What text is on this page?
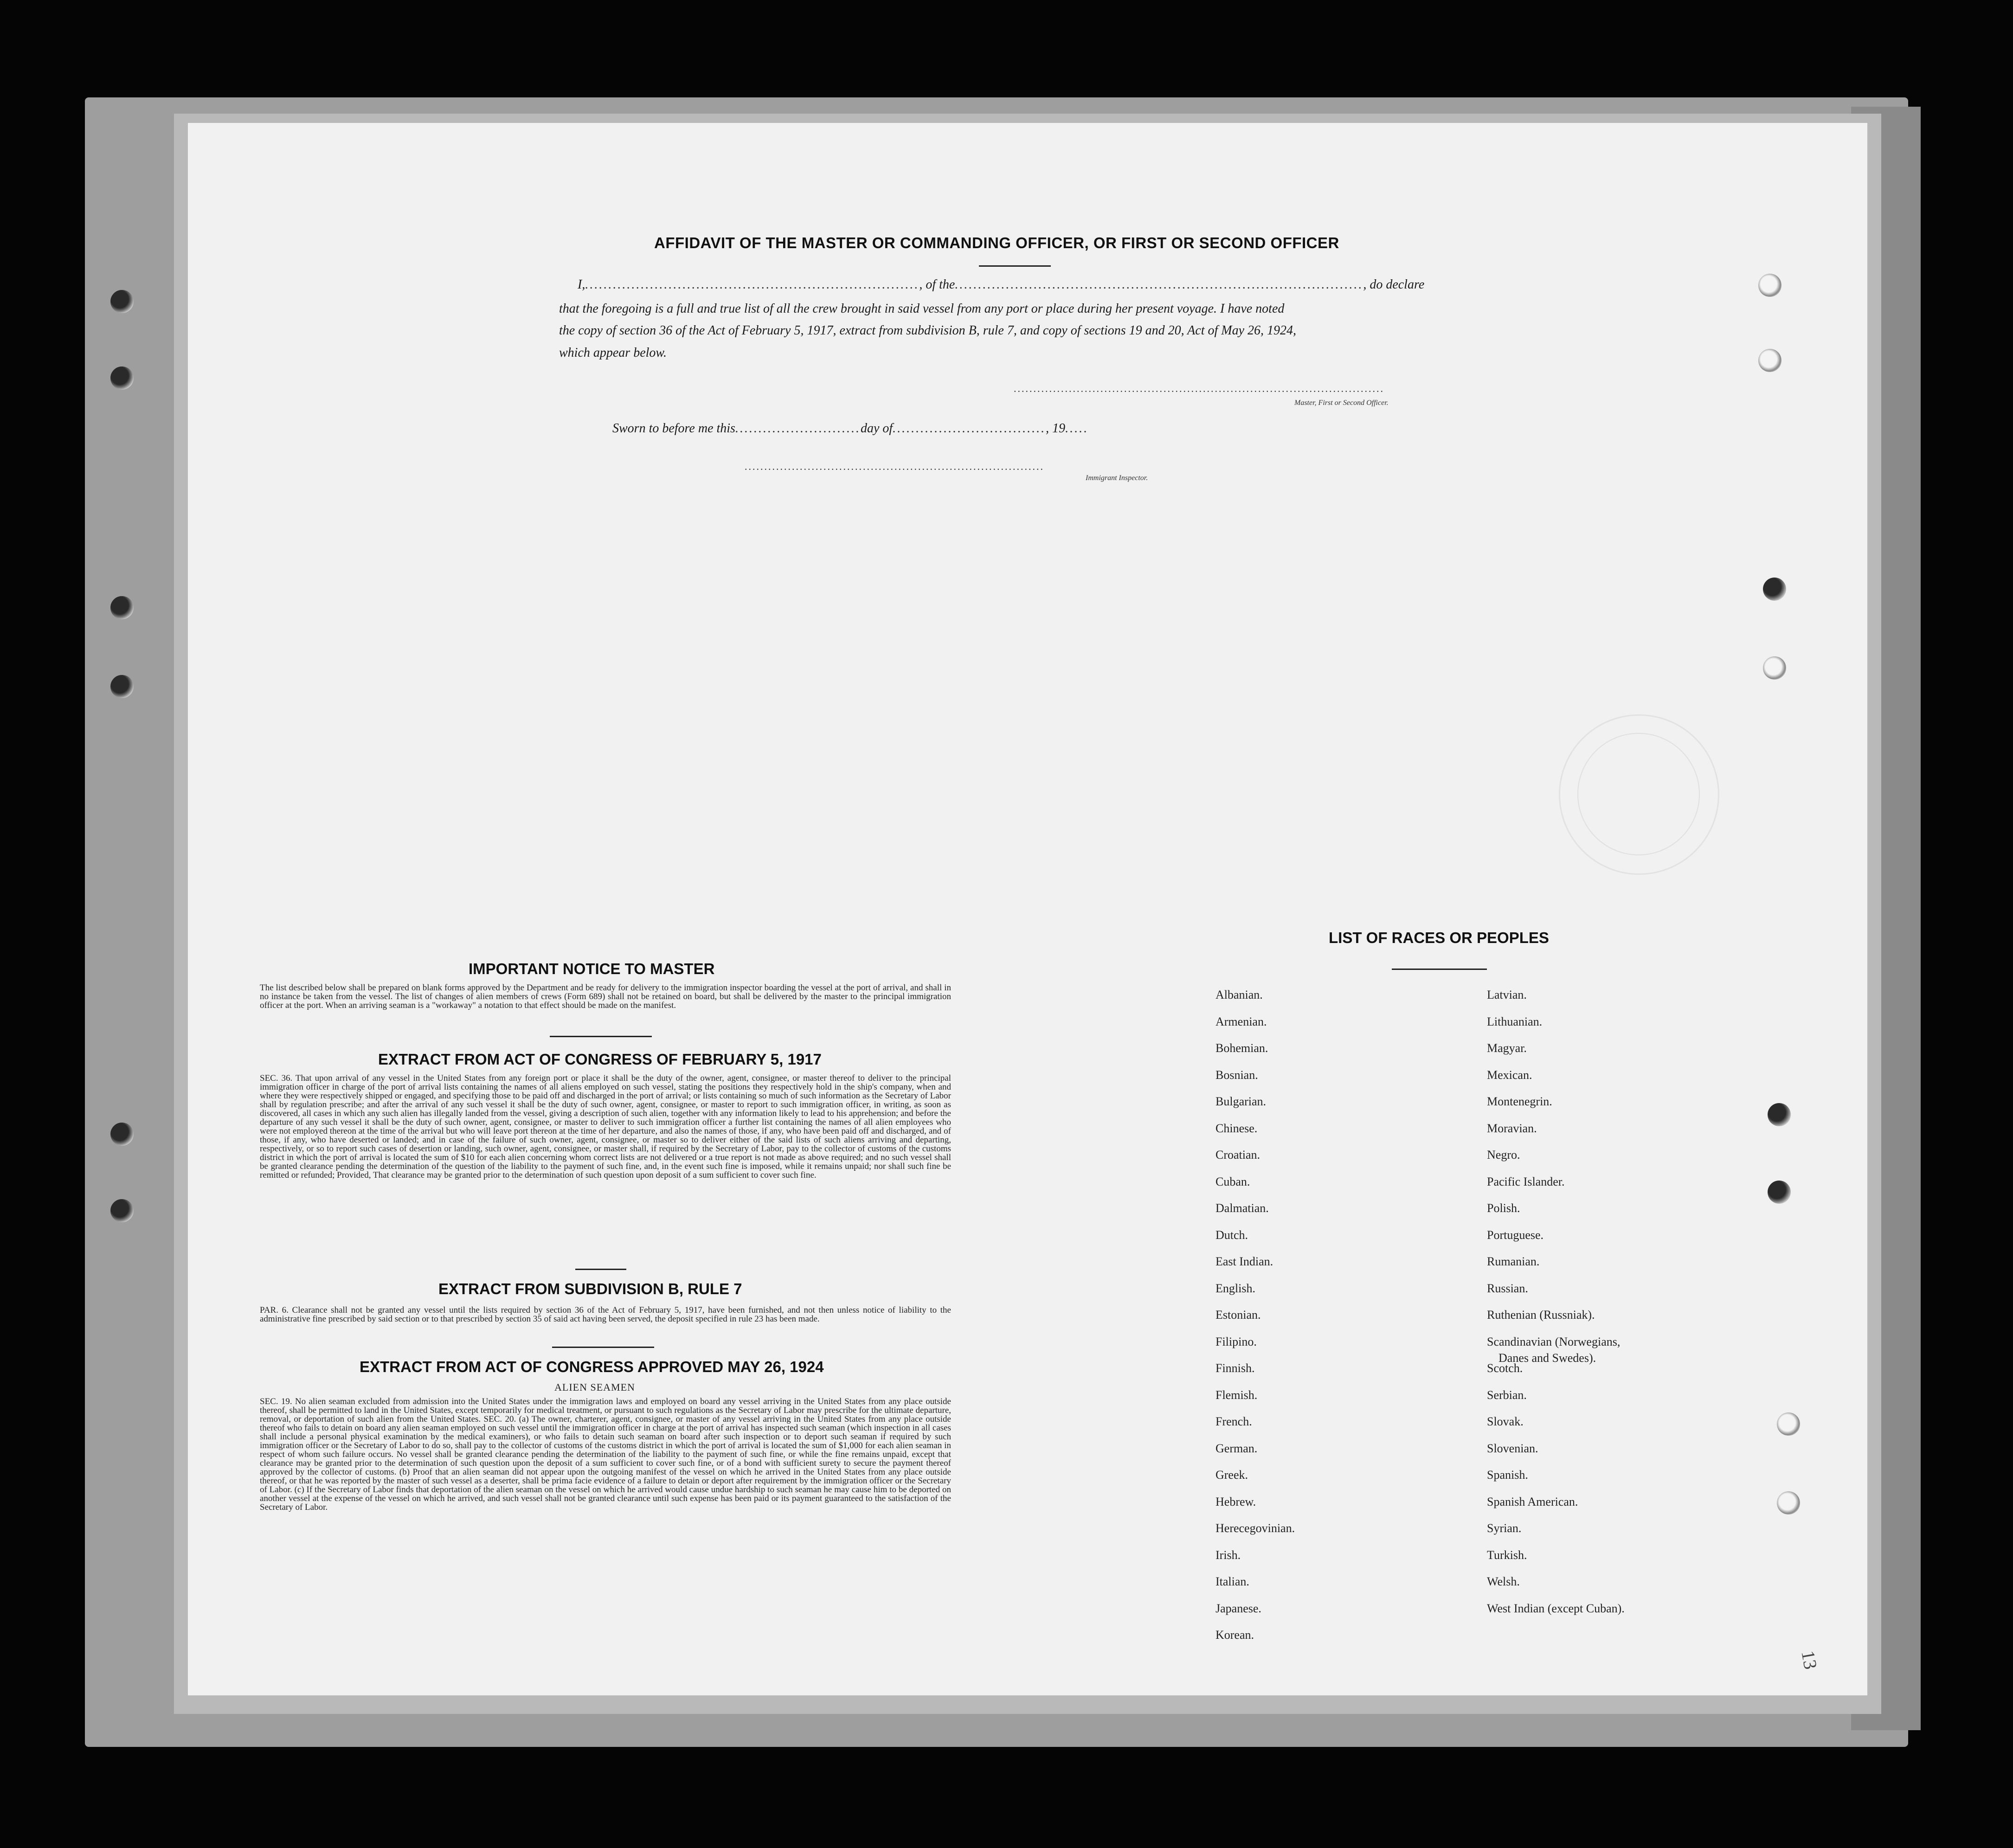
AFFIDAVIT OF THE MASTER OR COMMANDING OFFICER, OR FIRST OR SECOND OFFICER
I,........................................................................, of the........................................................................................, do declare
that the foregoing is a full and true list of all the crew brought in said vessel from any port or place during her present voyage. I have noted
the copy of section 36 of the Act of February 5, 1917, extract from subdivision B, rule 7, and copy of sections 19 and 20, Act of May 26, 1924,
which appear below.
..............................................................................................
Master, First or Second Officer.
Sworn to before me this...........................day of................................., 19.....
............................................................................
Immigrant Inspector.
IMPORTANT NOTICE TO MASTER

The list described below shall be prepared on blank forms approved by the Department and be ready for delivery to the immigration inspector boarding the vessel at the port of arrival, and shall in no instance be taken from the vessel. The list of changes of alien members of crews (Form 689) shall not be retained on board, but shall be delivered by the master to the principal immigration officer at the port. When an arriving seaman is a "workaway" a notation to that effect should be made on the manifest.

EXTRACT FROM ACT OF CONGRESS OF FEBRUARY 5, 1917

SEC. 36. That upon arrival of any vessel in the United States from any foreign port or place it shall be the duty of the owner, agent, consignee, or master thereof to deliver to the principal immigration officer in charge of the port of arrival lists containing the names of all aliens employed on such vessel, stating the positions they respectively hold in the ship's company, when and where they were respectively shipped or engaged, and specifying those to be paid off and discharged in the port of arrival; or lists containing so much of such information as the Secretary of Labor shall by regulation prescribe; and after the arrival of any such vessel it shall be the duty of such owner, agent, consignee, or master to report to such immigration officer, in writing, as soon as discovered, all cases in which any such alien has illegally landed from the vessel, giving a description of such alien, together with any information likely to lead to his apprehension; and before the departure of any such vessel it shall be the duty of such owner, agent, consignee, or master to deliver to such immigration officer a further list containing the names of all alien employees who were not employed thereon at the time of the arrival but who will leave port thereon at the time of her departure, and also the names of those, if any, who have been paid off and discharged, and of those, if any, who have deserted or landed; and in case of the failure of such owner, agent, consignee, or master so to deliver either of the said lists of such aliens arriving and departing, respectively, or so to report such cases of desertion or landing, such owner, agent, consignee, or master shall, if required by the Secretary of Labor, pay to the collector of customs of the customs district in which the port of arrival is located the sum of $10 for each alien concerning whom correct lists are not delivered or a true report is not made as above required; and no such vessel shall be granted clearance pending the determination of the question of the liability to the payment of such fine, and, in the event such fine is imposed, while it remains unpaid; nor shall such fine be remitted or refunded; Provided, That clearance may be granted prior to the determination of such question upon deposit of a sum sufficient to cover such fine.

EXTRACT FROM SUBDIVISION B, RULE 7

PAR. 6. Clearance shall not be granted any vessel until the lists required by section 36 of the Act of February 5, 1917, have been furnished, and not then unless notice of liability to the administrative fine prescribed by said section or to that prescribed by section 35 of said act having been served, the deposit specified in rule 23 has been made.

EXTRACT FROM ACT OF CONGRESS APPROVED MAY 26, 1924
ALIEN SEAMEN

SEC. 19. No alien seaman excluded from admission into the United States under the immigration laws and employed on board any vessel arriving in the United States from any place outside thereof, shall be permitted to land in the United States, except temporarily for medical treatment, or pursuant to such regulations as the Secretary of Labor may prescribe for the ultimate departure, removal, or deportation of such alien from the United States. SEC. 20. (a) The owner, charterer, agent, consignee, or master of any vessel arriving in the United States from any place outside thereof who fails to detain on board any alien seaman employed on such vessel until the immigration officer in charge at the port of arrival has inspected such seaman (which inspection in all cases shall include a personal physical examination by the medical examiners), or who fails to detain such seaman on board after such inspection or to deport such seaman if required by such immigration officer or the Secretary of Labor to do so, shall pay to the collector of customs of the customs district in which the port of arrival is located the sum of $1,000 for each alien seaman in respect of whom such failure occurs. No vessel shall be granted clearance pending the determination of the liability to the payment of such fine, or while the fine remains unpaid, except that clearance may be granted prior to the determination of such question upon the deposit of a sum sufficient to cover such fine, or of a bond with sufficient surety to secure the payment thereof approved by the collector of customs. (b) Proof that an alien seaman did not appear upon the outgoing manifest of the vessel on which he arrived in the United States from any place outside thereof, or that he was reported by the master of such vessel as a deserter, shall be prima facie evidence of a failure to detain or deport after requirement by the immigration officer or the Secretary of Labor. (c) If the Secretary of Labor finds that deportation of the alien seaman on the vessel on which he arrived would cause undue hardship to such seaman he may cause him to be deported on another vessel at the expense of the vessel on which he arrived, and such vessel shall not be granted clearance until such expense has been paid or its payment guaranteed to the satisfaction of the Secretary of Labor.

LIST OF RACES OR PEOPLES
Albanian.
Armenian.
Bohemian.
Bosnian.
Bulgarian.
Chinese.
Croatian.
Cuban.
Dalmatian.
Dutch.
East Indian.
English.
Estonian.
Filipino.
Finnish.
Flemish.
French.
German.
Greek.
Hebrew.
Herecegovinian.
Irish.
Italian.
Japanese.
Korean.
Latvian.
Lithuanian.
Magyar.
Mexican.
Montenegrin.
Moravian.
Negro.
Pacific Islander.
Polish.
Portuguese.
Rumanian.
Russian.
Ruthenian (Russniak).
Scandinavian (Norwegians,
Danes and Swedes).
Scotch.
Serbian.
Slovak.
Slovenian.
Spanish.
Spanish American.
Syrian.
Turkish.
Welsh.
West Indian (except Cuban).
13
